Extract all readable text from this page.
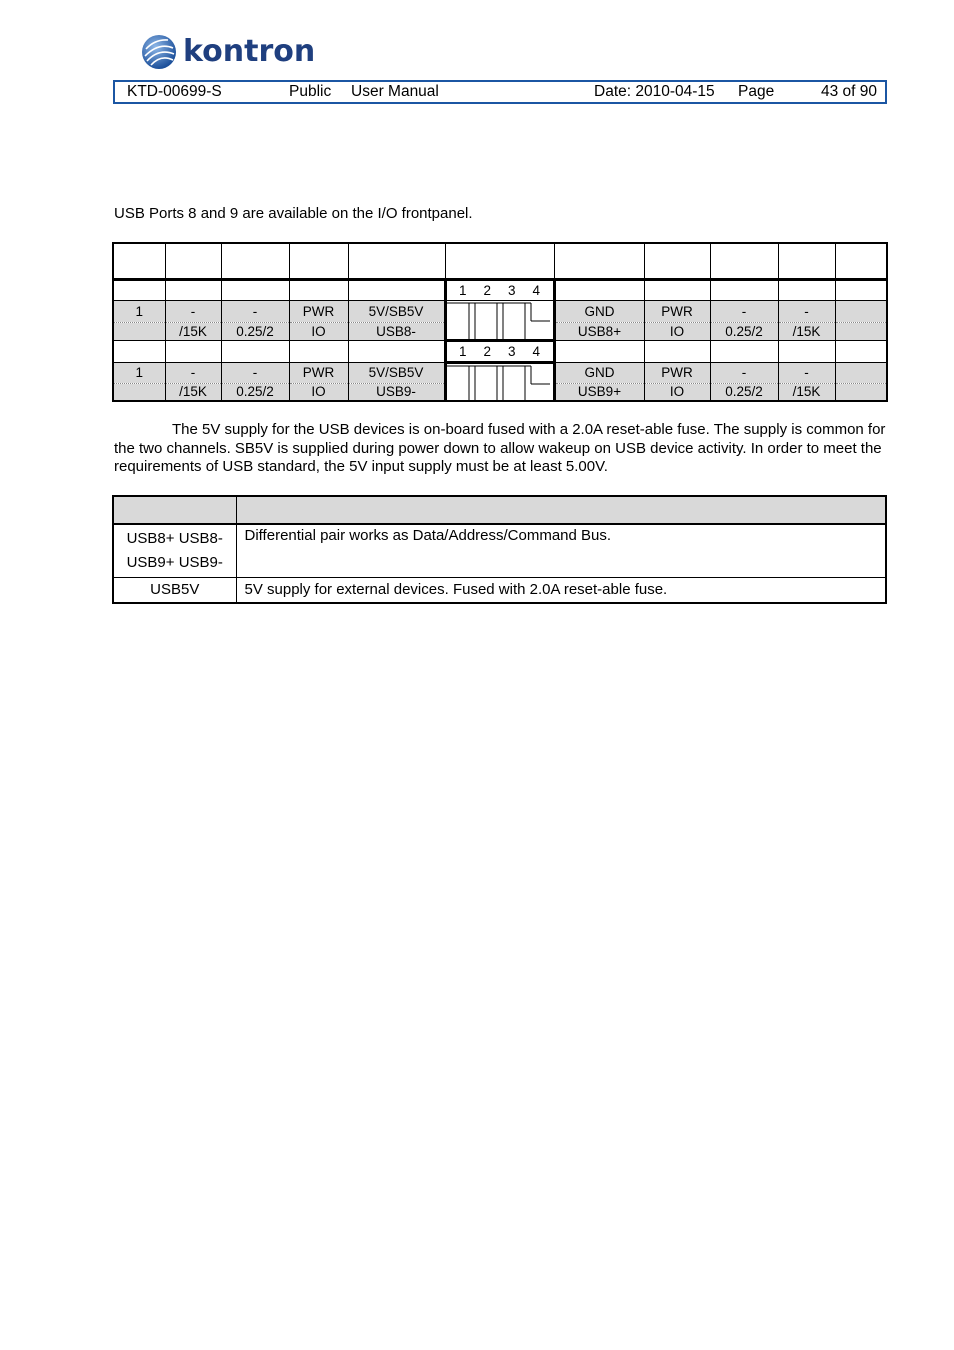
kontron
KTD-00699-S	Public User Manual	Date: 2010-04-15 Page	43 of 90
USB Ports 8 and 9 are available on the I/O frontpanel.

					1 2 3 4					

1	-	-	PWR	5V/SB5V		GND	PWR	-	-	
	/15K	0.25/2	IO	USB8-		USB8+	IO	0.25/2	/15K	

					1 2 3 4					

1	-	-	PWR	5V/SB5V		GND	PWR	-	-	
	/15K	0.25/2	IO	USB9-		USB9+	IO	0.25/2	/15K	
The 5V supply for the USB devices is on-board fused with a 2.0A reset-able fuse. The supply is common for the two channels. SB5V is supplied during power down to allow wakeup on USB device activity. In order to meet the requirements of USB standard, the 5V input supply must be at least 5.00V.

USB8+ USB8-
USB9+ USB9-	Differential pair works as Data/Address/Command Bus.
USB5V	5V supply for external devices. Fused with 2.0A reset-able fuse.
